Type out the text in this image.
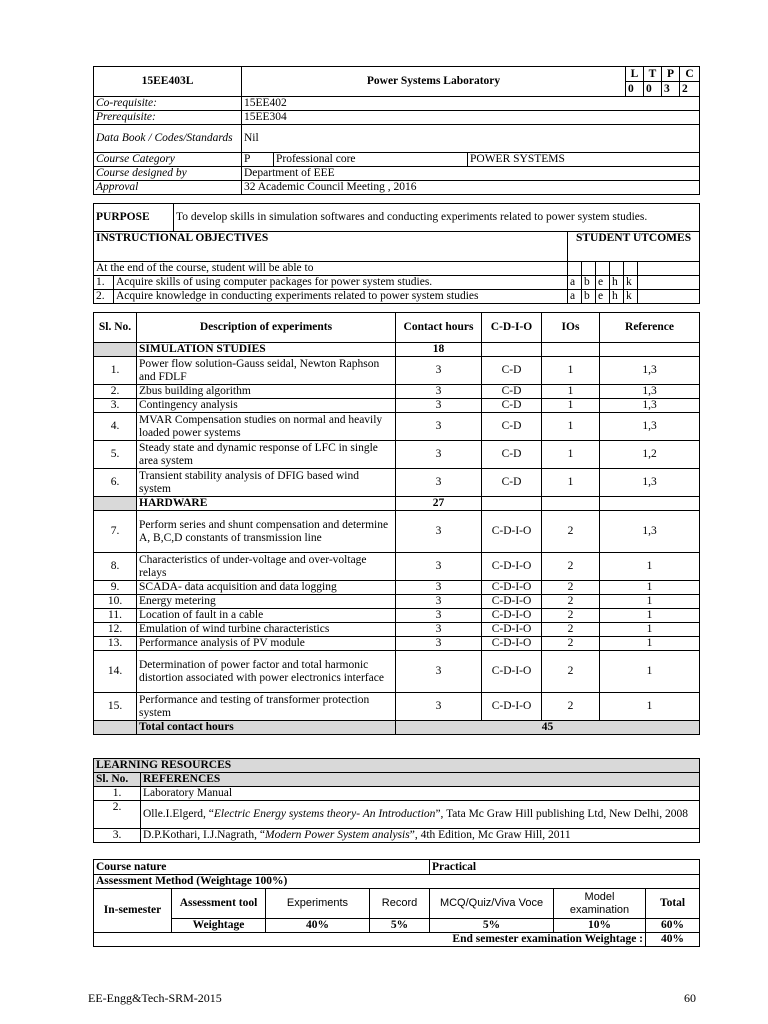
15EE403L	Power Systems Laboratory			L	T	P	C
				0	0	3	2
Co-requisite:	15EE402						
Prerequisite:	15EE304						
Data Book / Codes/Standards	Nil						
Course Category	P	Professional core	POWER SYSTEMS				
Course designed by	Department of EEE						
Approval	32 Academic Council Meeting , 2016						
PURPOSE		To develop skills in simulation softwares and conducting experiments related to power system studies.						
INSTRUCTIONAL OBJECTIVES			STUDENT UTCOMES					
At the end of the course, student will be able to								
1.	Acquire skills of using computer packages for power system studies.		a	b	e	h	k	
2.	Acquire knowledge in conducting experiments related to power system studies		a	b	e	h	k	
Sl. No.	Description of experiments	Contact hours	C-D-I-O	IOs	Reference
	SIMULATION STUDIES	18			
1.	Power flow solution-Gauss seidal, Newton Raphson and FDLF	3	C-D	1	1,3
2.	Zbus building algorithm	3	C-D	1	1,3
3.	Contingency analysis	3	C-D	1	1,3
4.	MVAR Compensation studies on normal and heavily loaded power systems	3	C-D	1	1,3
5.	Steady state and dynamic response of LFC in single area system	3	C-D	1	1,2
6.	Transient stability analysis of DFIG based wind system	3	C-D	1	1,3
	HARDWARE	27			
7.	Perform series and shunt compensation and determine A, B,C,D constants of transmission line	3	C-D-I-O	2	1,3
8.	Characteristics of under-voltage and over-voltage relays	3	C-D-I-O	2	1
9.	SCADA- data acquisition and data logging	3	C-D-I-O	2	1
10.	Energy metering	3	C-D-I-O	2	1
11.	Location of fault in a cable	3	C-D-I-O	2	1
12.	Emulation of wind turbine characteristics	3	C-D-I-O	2	1
13.	Performance analysis of PV module	3	C-D-I-O	2	1
14.	Determination of power factor and total harmonic distortion associated with power electronics interface	3	C-D-I-O	2	1
15.	Performance and testing of transformer protection system	3	C-D-I-O	2	1
	Total contact hours	45			
LEARNING RESOURCES	
Sl. No.	REFERENCES
1.	Laboratory Manual
2.	Olle.I.Elgerd, “Electric Energy systems theory- An Introduction”, Tata Mc Graw Hill publishing Ltd, New Delhi, 2008
3.	D.P.Kothari, I.J.Nagrath, “Modern Power System analysis”, 4th Edition, Mc Graw Hill, 2011
Course nature				Practical		
Assessment Method (Weightage 100%)						
In-semester	Assessment tool	Experiments	Record	MCQ/Quiz/Viva Voce	Model examination	Total
	Weightage	40%	5%	5%	10%	60%
End semester examination Weightage :						40%
EE-Engg&Tech-SRM-2015	60
